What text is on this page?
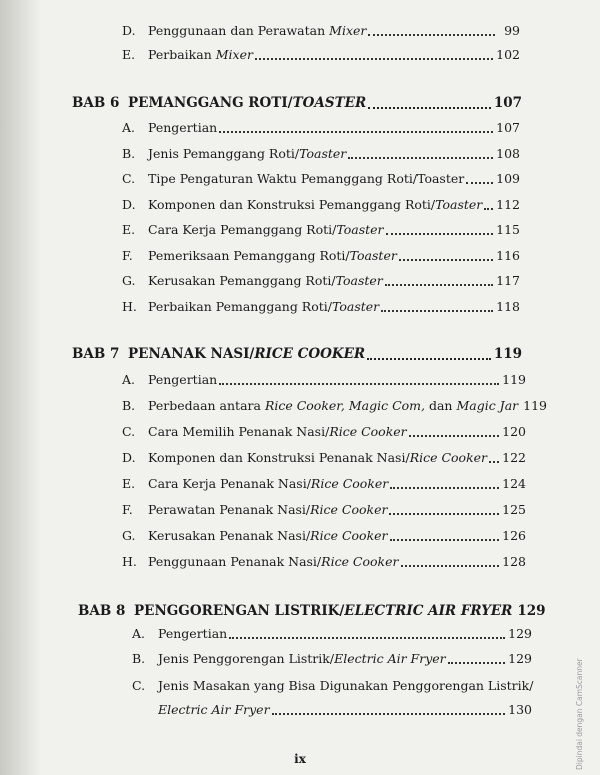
D. Penggunaan dan Perawatan Mixer	99
E.	Perbaikan Mixer	102
BAB 6 PEMANGGANG ROTI/TOASTER	107
A.	Pengertian	107
B.	Jenis Pemanggang Roti/Toaster	108
C.	Tipe Pengaturan Waktu Pemanggang Roti/Toaster	109
D. Komponen dan Konstruksi Pemanggang Roti/Toaster 112
E.	Cara Kerja Pemanggang Roti/Toaster	115
F.	Pemeriksaan Pemanggang Roti/Toaster	116
G. Kerusakan Pemanggang Roti/Toaster	117
H. Perbaikan Pemanggang Roti/Toaster	118
BAB 7 PENANAK NASI/RICE COOKER	119
A.	Pengertian	119
B.	Perbedaan antara Rice Cooker, Magic Com, dan Magic Jar 119
C.	Cara Memilih Penanak Nasi/Rice Cooker	120
D. Komponen dan Konstruksi Penanak Nasi/Rice Cooker 122
E.	Cara Kerja Penanak Nasi/Rice Cooker	124
F.	Perawatan Penanak Nasi/Rice Cooker	125
G. Kerusakan Penanak Nasi/Rice Cooker	126
H. Penggunaan Penanak Nasi/Rice Cooker	128
BAB 8 PENGGORENGAN LISTRIK/ELECTRIC AIR FRYER 129
A.	Pengertian	129
B.	Jenis Penggorengan Listrik/Electric Air Fryer	129
C.	Jenis Masakan yang Bisa Digunakan Penggorengan Listrik/
Electric Air Fryer	130
ix	Dipindai dengan CamScanner
